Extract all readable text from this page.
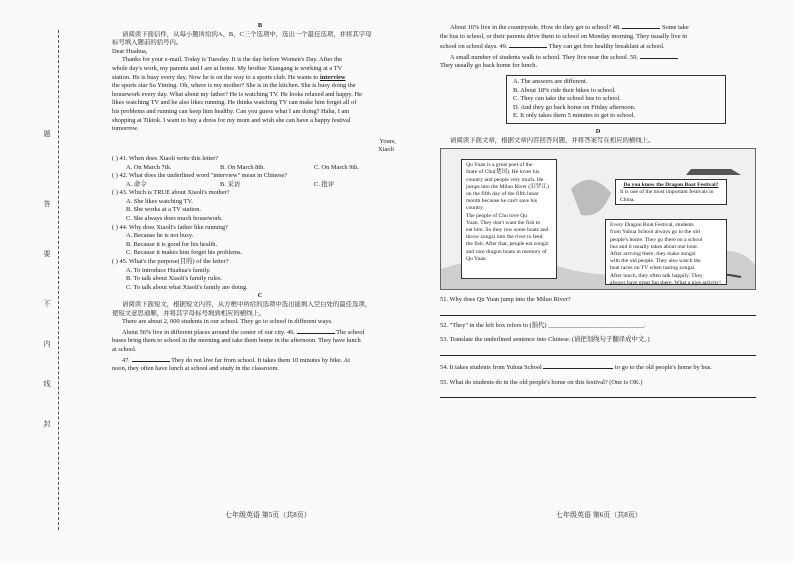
题
答
要
不
内
线
封
B
请阅读下面信件，从每小题所给的A、B、C三个选项中，选出一个最佳选项，并将其字母
标号填入题前的括号内。
Dear Huahua,
Thanks for your e-mail. Today is Tuesday. It is the day before Women's Day. After the
whole day's work, my parents and I are at home. My brother Xiangang is working at a TV
station. He is busy every day. Now he is on the way to a sports club. He wants to interview
the sports star Su Yiming. Oh, where is my mother? She is in the kitchen. She is busy doing the
housework every day. What about my father? He is watching TV. He looks relaxed and happy. He
likes watching TV and he also likes running. He thinks watching TV can make him forget all of
his problems and running can keep him healthy. Can you guess what I am doing? Haha, I am
shopping at Tiktok. I want to buy a dress for my mom and wish she can have a happy festival
tomorrow.
Yours,
Xiaoli
( ) 41. When does Xiaoli write this letter?
A. On March 7th.	B. On March 8th.	C. On March 9th.
( ) 42. What does the underlined word "interview" mean in Chinese?
A. 命令	B. 采访	C. 批评
( ) 43. Which is TRUE about Xiaoli's mother?
A. She likes watching TV.
B. She works at a TV station.
C. She always does much housework.
( ) 44. Why does Xiaoli's father like running?
A. Because he is not busy.
B. Because it is good for his health.
C. Because it makes him forget his problems.
( ) 45. What's the purpose(目的) of the letter?
A. To introduce Huahua's family.
B. To talk about Xiaoli's family rules.
C. To talk about what Xiaoli's family are doing.
C
请阅读下面短文，根据短文内容，从方框中所给的选项中选出能填入空白处的最佳选项，
使短文意思通顺，并将其字母标号填到相应的横线上。
There are about 2, 000 students in our school. They go to school in different ways.
About 56% live in different places around the center of our city. 46.	The school
buses bring them to school in the morning and take them home in the afternoon. They have lunch
at school.
47.	They do not live far from school. It takes them 10 minutes by bike. At
noon, they often have lunch at school and study in the classroom.
About 16% live in the countryside. How do they get to school? 48.	Some take
the bus to school, or their parents drive them to school on Monday morning. They usually live in
school on school days. 49.	They can get free healthy breakfast at school.
A small number of students walk to school. They live near the school. 50.
They usually go back home for lunch.
A. The answers are different.
B. About 18% ride their bikes to school.
C. They can take the school bus to school.
D. And they go back home on Friday afternoon.
E. It only takes them 5 minutes to get to school.
D
请阅读下面文章，根据文章内容回答问题，并将答案写在相应的横线上。
Qu Yuan is a great poet of the
State of Chu(楚国). He loves his
country and people very much. He
jumps into the Miluo River (汨罗江)
on the fifth day of the fifth lunar
month because he can't save his
country.
The people of Chu love Qu
Yuan. They don't want the fish to
eat him. So they row some boats and
throw zongzi into the river to feed
the fish. After that, people eat zongzi
and race dragon boats in memory of
Qu Yuan.
Do you know the Dragon Boat Festival?
It is one of the most important festivals in China.
Every Dragon Boat Festival, students
from Yuhua School always go to the old
people's home. They go there on a school
bus and it usually takes about one hour.
After arriving there, they make zongzi
with the old people. They also watch the
boat races on TV when tasting zongzi.
After lunch, they often talk happily. They
always have great fun there. What a nice activity!
51. Why does Qu Yuan jump into the Miluo River?
52. "They" in the left box refers to (指代) ______________________________.
53. Translate the underlined sentence into Chinese. (请把划线句子翻译成中文。)
54. It takes students from Yuhua School	to go to the old people's home by bus.
55. What do students do in the old people's home on this festival? (One is OK.)
七年级英语 第5页（共8页）	七年级英语 第6页（共8页）
